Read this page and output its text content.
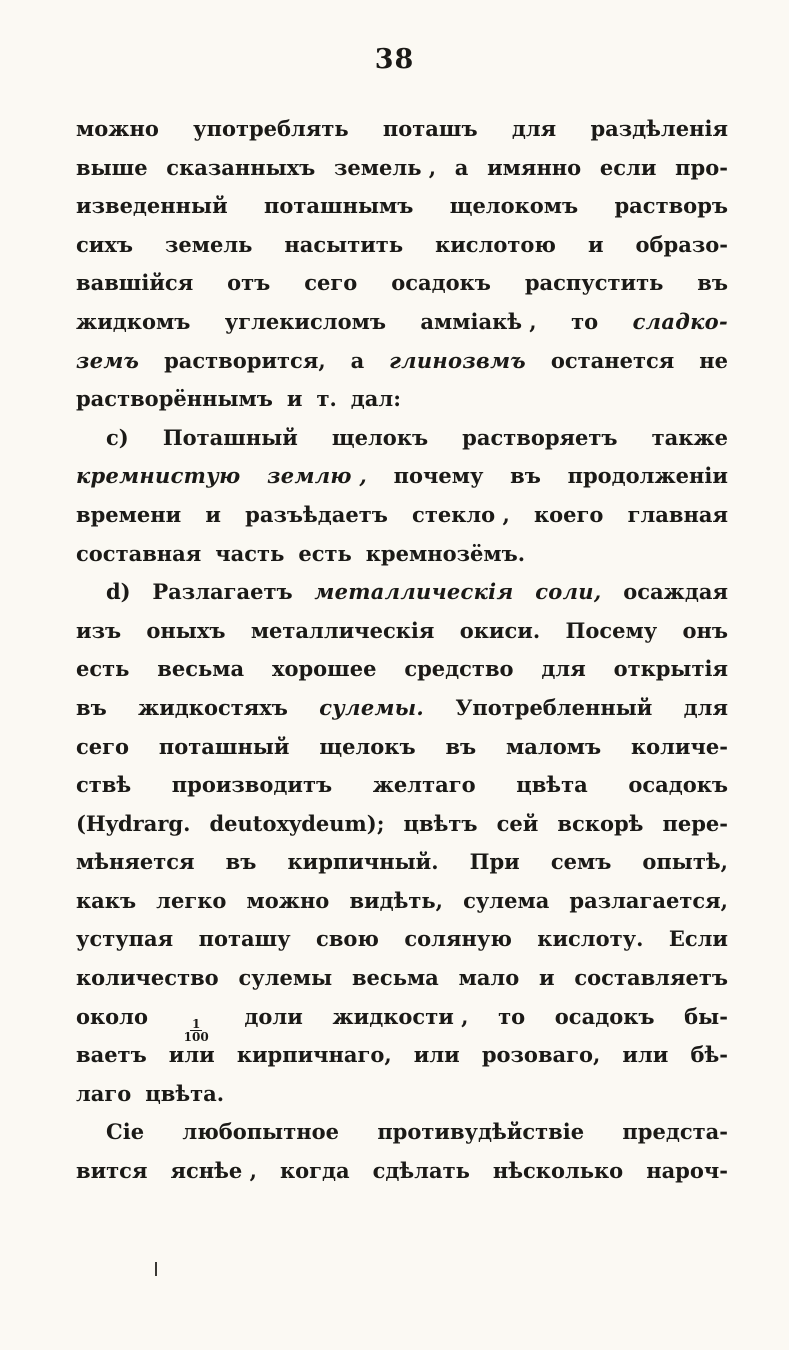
38
можно употреблять поташъ для раздѣленія
выше сказанныхъ земель , а имянно если про-
изведенный поташнымъ щелокомъ растворъ
сихъ земель насытить кислотою и образо-
вавшійся отъ сего осадокъ распустить въ
жидкомъ углекисломъ амміакѣ , то сладко-
земъ растворится, а глинозвмъ останется не
растворённымъ и т. дал:
c) Поташный щелокъ растворяетъ также
кремнистую землю , почему въ продолженіи
времени и разъѣдаетъ стекло , коего главная
составная часть есть кремнозёмъ.
d) Разлагаетъ металлическія соли, осаждая
изъ оныхъ металлическія окиси. Посему онъ
есть весьма хорошее средство для открытія
въ жидкостяхъ сулемы. Употребленный для
сего поташный щелокъ въ маломъ количе-
ствѣ производитъ желтаго цвѣта осадокъ
(Hydrarg. deutoxydeum); цвѣтъ сей вскорѣ пере-
мѣняется въ кирпичный. При семъ опытѣ,
какъ легко можно видѣть, сулема разлагается,
уступая поташу свою соляную кислоту. Если
количество сулемы весьма мало и составляетъ
около
$\frac{1}{100}$
доли жидкости , то осадокъ бы-
ваетъ или кирпичнаго, или розоваго, или бѣ-
лаго цвѣта.
Сіе любопытное противудѣйствіе предста-
вится яснѣе , когда сдѣлать нѣсколько нароч-
